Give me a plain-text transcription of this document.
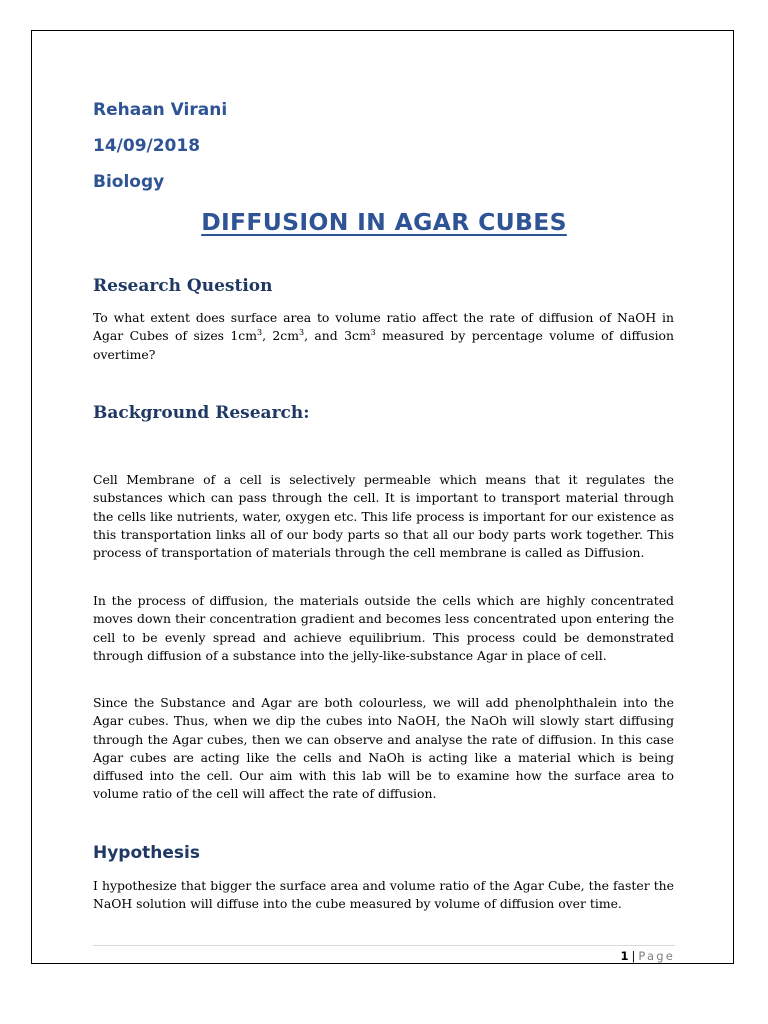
Rehaan Virani

14/09/2018

Biology

DIFFUSION IN AGAR CUBES
Research Question

To what extent does surface area to volume ratio affect the rate of diffusion of NaOH in Agar Cubes of sizes $1cm^3$, $2cm^3$, and $3cm^3$ measured by percentage volume of diffusion overtime?

Background Research:

Cell Membrane of a cell is selectively permeable which means that it regulates the substances which can pass through the cell. It is important to transport material through the cells like nutrients, water, oxygen etc. This life process is important for our existence as this transportation links all of our body parts so that all our body parts work together. This process of transportation of materials through the cell membrane is called as Diffusion.

In the process of diffusion, the materials outside the cells which are highly concentrated moves down their concentration gradient and becomes less concentrated upon entering the cell to be evenly spread and achieve equilibrium. This process could be demonstrated through diffusion of a substance into the jelly-like-substance Agar in place of cell.

Since the Substance and Agar are both colourless, we will add phenolphthalein into the Agar cubes. Thus, when we dip the cubes into NaOH, the NaOh will slowly start diffusing through the Agar cubes, then we can observe and analyse the rate of diffusion. In this case Agar cubes are acting like the cells and NaOh is acting like a material which is being diffused into the cell. Our aim with this lab will be to examine how the surface area to volume ratio of the cell will affect the rate of diffusion.

Hypothesis

I hypothesize that bigger the surface area and volume ratio of the Agar Cube, the faster the NaOH solution will diffuse into the cube measured by volume of diffusion over time.

1 | Page
